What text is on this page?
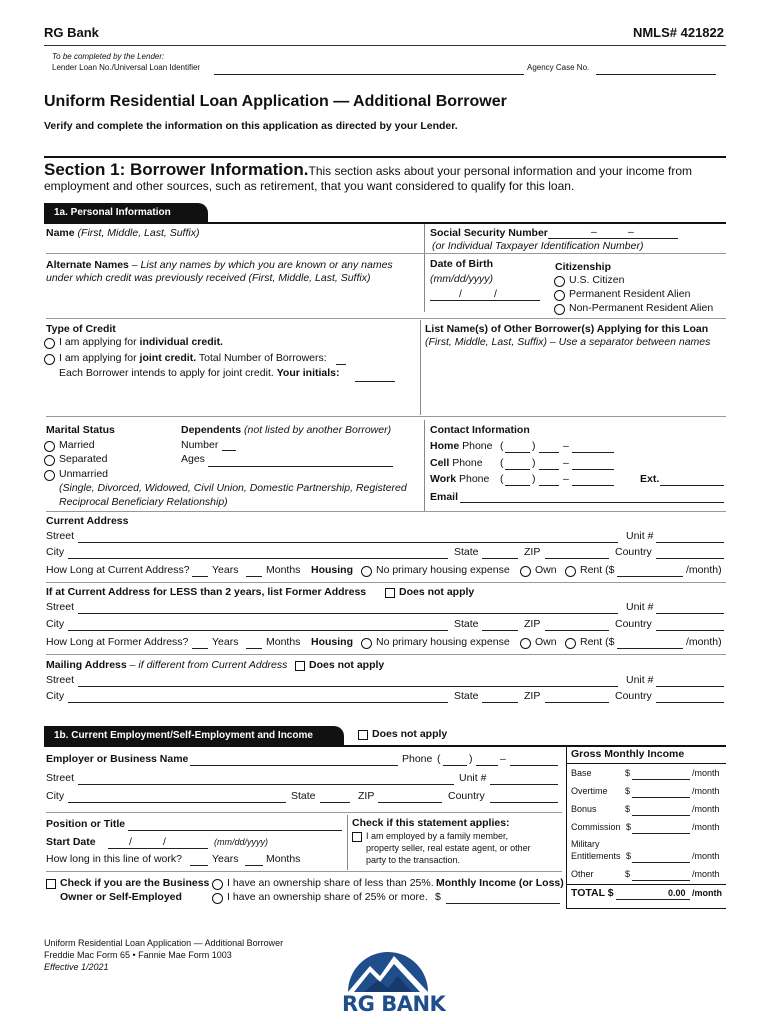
RG Bank	NMLS# 421822
To be completed by the Lender:
Lender Loan No./Universal Loan Identifier	Agency Case No.
Uniform Residential Loan Application — Additional Borrower
Verify and complete the information on this application as directed by your Lender.
Section 1: Borrower Information.This section asks about your personal information and your income from
employment and other sources, such as retirement, that you want considered to qualify for this loan.
1a. Personal Information
Name (First, Middle, Last, Suffix)	Social Security Number	–	–
(or Individual Taxpayer Identification Number)
Alternate Names – List any names by which you are known or any names
under which credit was previously received (First, Middle, Last, Suffix)
Date of Birth
(mm/dd/yyyy)
/	/
Citizenship
U.S. Citizen
Permanent Resident Alien
Non-Permanent Resident Alien
Type of Credit
I am applying for individual credit.
I am applying for joint credit. Total Number of Borrowers:
Each Borrower intends to apply for joint credit. Your initials:
List Name(s) of Other Borrower(s) Applying for this Loan
(First, Middle, Last, Suffix) – Use a separator between names
Marital Status
Married
Separated
Unmarried
(Single, Divorced, Widowed, Civil Union, Domestic Partnership, Registered
Reciprocal Beneficiary Relationship)
Dependents (not listed by another Borrower)
Number
Ages
Contact Information
Home Phone (	)	–
Cell Phone (	)	–
Work Phone (	)	–	Ext.
Email
Current Address
Street	Unit #
City	State	ZIP	Country
How Long at Current Address? Years	Months Housing No primary housing expense Own Rent ($	/month)
If at Current Address for LESS than 2 years, list Former Address	Does not apply
Street	Unit #
City	State	ZIP	Country
How Long at Former Address? Years	Months Housing No primary housing expense Own Rent ($	/month)
Mailing Address – if different from Current Address Does not apply
Street	Unit #
City	State	ZIP	Country
1b. Current Employment/Self-Employment and Income	Does not apply
Employer or Business Name	Phone (	)	–
Street	Unit #
City	State	ZIP	Country
Position or Title
Start Date	/	/	(mm/dd/yyyy)
How long in this line of work?	Years	Months
Check if this statement applies:
I am employed by a family member,
property seller, real estate agent, or other
party to the transaction.
Check if you are the Business
Owner or Self-Employed
I have an ownership share of less than 25%. Monthly Income (or Loss)
I have an ownership share of 25% or more. $
Gross Monthly Income
Base	$	/month
Overtime $	/month
Bonus	$	/month
Commission $	/month
Military
Entitlements $	/month
Other	$	/month
TOTAL $	0.00 /month
Uniform Residential Loan Application — Additional Borrower
Freddie Mac Form 65 • Fannie Mae Form 1003
Effective 1/2021
RG BANK
